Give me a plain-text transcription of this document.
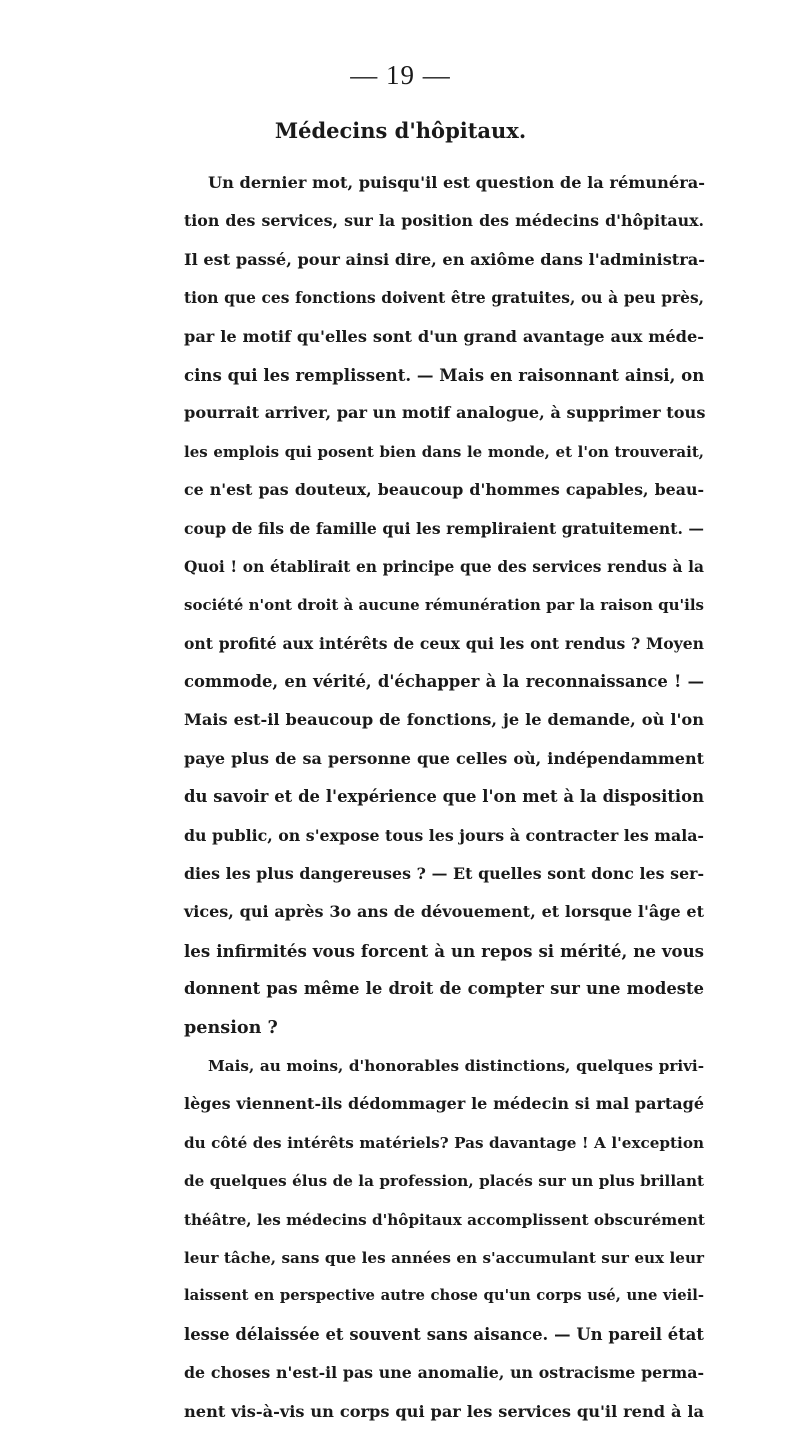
— 19 —
Médecins d'hôpitaux.
Un dernier mot, puisqu'il est question de la rémunéra-
tion des services, sur la position des médecins d'hôpitaux.
Il est passé, pour ainsi dire, en axiôme dans l'administra-
tion que ces fonctions doivent être gratuites, ou à peu près,
par le motif qu'elles sont d'un grand avantage aux méde-
cins qui les remplissent. — Mais en raisonnant ainsi, on
pourrait arriver, par un motif analogue, à supprimer tous
les emplois qui posent bien dans le monde, et l'on trouverait,
ce n'est pas douteux, beaucoup d'hommes capables, beau-
coup de fils de famille qui les rempliraient gratuitement. —
Quoi ! on établirait en principe que des services rendus à la
société n'ont droit à aucune rémunération par la raison qu'ils
ont profité aux intérêts de ceux qui les ont rendus ? Moyen
commode, en vérité, d'échapper à la reconnaissance ! —
Mais est-il beaucoup de fonctions, je le demande, où l'on
paye plus de sa personne que celles où, indépendamment
du savoir et de l'expérience que l'on met à la disposition
du public, on s'expose tous les jours à contracter les mala-
dies les plus dangereuses ? — Et quelles sont donc les ser-
vices, qui après 3o ans de dévouement, et lorsque l'âge et
les infirmités vous forcent à un repos si mérité, ne vous
donnent pas même le droit de compter sur une modeste
pension ?
Mais, au moins, d'honorables distinctions, quelques privi-
lèges viennent-ils dédommager le médecin si mal partagé
du côté des intérêts matériels? Pas davantage ! A l'exception
de quelques élus de la profession, placés sur un plus brillant
théâtre, les médecins d'hôpitaux accomplissent obscurément
leur tâche, sans que les années en s'accumulant sur eux leur
laissent en perspective autre chose qu'un corps usé, une vieil-
lesse délaissée et souvent sans aisance. — Un pareil état
de choses n'est-il pas une anomalie, un ostracisme perma-
nent vis-à-vis un corps qui par les services qu'il rend à la
